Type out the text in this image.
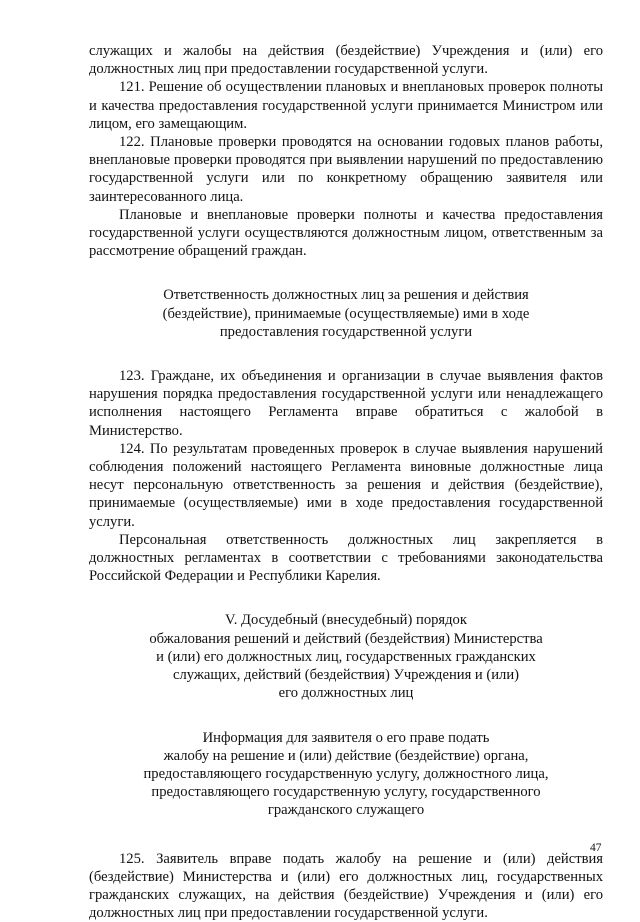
служащих и жалобы на действия (бездействие) Учреждения и (или) его должностных лиц при предоставлении государственной услуги.

121. Решение об осуществлении плановых и внеплановых проверок полноты и качества предоставления государственной услуги принимается Министром или лицом, его замещающим.

122. Плановые проверки проводятся на основании годовых планов работы, внеплановые проверки проводятся при выявлении нарушений по предоставлению государственной услуги или по конкретному обращению заявителя или заинтересованного лица.

Плановые и внеплановые проверки полноты и качества предоставления государственной услуги осуществляются должностным лицом, ответственным за рассмотрение обращений граждан.

Ответственность должностных лиц за решения и действия

(бездействие), принимаемые (осуществляемые) ими в ходе

предоставления государственной услуги

123. Граждане, их объединения и организации в случае выявления фактов нарушения порядка предоставления государственной услуги или ненадлежащего исполнения настоящего Регламента вправе обратиться с жалобой в Министерство.

124. По результатам проведенных проверок в случае выявления нарушений соблюдения положений настоящего Регламента виновные должностные лица несут персональную ответственность за решения и действия (бездействие), принимаемые (осуществляемые) ими в ходе предоставления государственной услуги.

Персональная ответственность должностных лиц закрепляется в должностных регламентах в соответствии с требованиями законодательства Российской Федерации и Республики Карелия.

V. Досудебный (внесудебный) порядок

обжалования решений и действий (бездействия) Министерства

и (или) его должностных лиц, государственных гражданских

служащих, действий (бездействия) Учреждения и (или)

его должностных лиц

Информация для заявителя о его праве подать

жалобу на решение и (или) действие (бездействие) органа,

предоставляющего государственную услугу, должностного лица,

предоставляющего государственную услугу, государственного

гражданского служащего

125. Заявитель вправе подать жалобу на решение и (или) действия (бездействие) Министерства и (или) его должностных лиц, государственных гражданских служащих, на действия (бездействие) Учреждения и (или) его должностных лиц при предоставлении государственной услуги.

47
